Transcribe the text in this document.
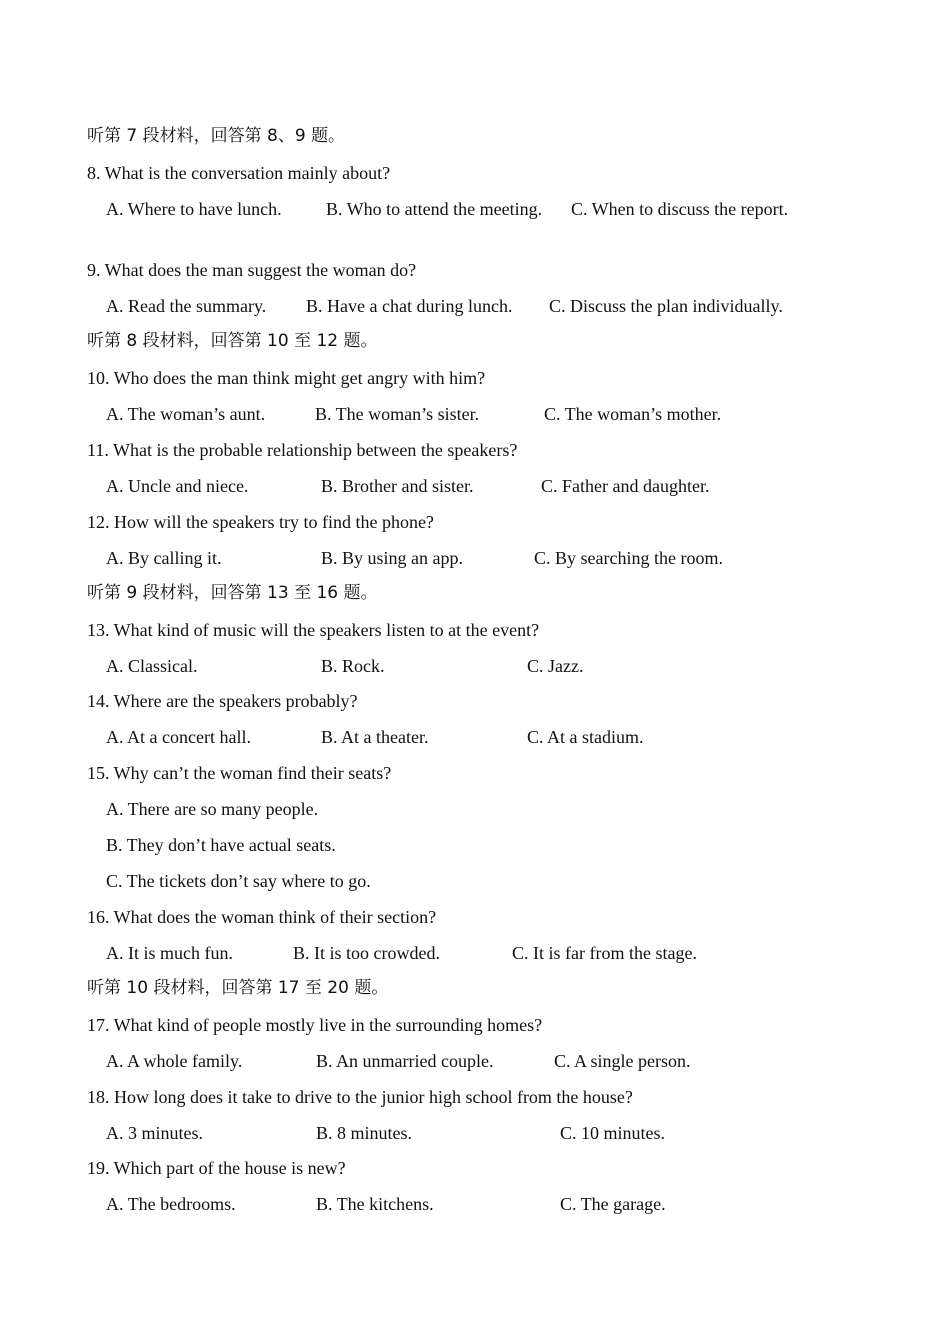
听第 7 段材料，回答第 8、9 题。
8. What is the conversation mainly about?
A. Where to have lunch. B. Who to attend the meeting. C. When to discuss the report.
9. What does the man suggest the woman do?
A. Read the summary. B. Have a chat during lunch. C. Discuss the plan individually.
听第 8 段材料，回答第 10 至 12 题。
10. Who does the man think might get angry with him?
A. The woman’s aunt.	B. The woman’s sister.	C. The woman’s mother.
11. What is the probable relationship between the speakers?
A. Uncle and niece.	B. Brother and sister.	C. Father and daughter.
12. How will the speakers try to find the phone?
A. By calling it.	B. By using an app.	C. By searching the room.
听第 9 段材料，回答第 13 至 16 题。
13. What kind of music will the speakers listen to at the event?
A. Classical.	B. Rock.	C. Jazz.
14. Where are the speakers probably?
A. At a concert hall.	B. At a theater.	C. At a stadium.
15. Why can’t the woman find their seats?
A. There are so many people.
B. They don’t have actual seats.
C. The tickets don’t say where to go.
16. What does the woman think of their section?
A. It is much fun.	B. It is too crowded.	C. It is far from the stage.
听第 10 段材料，回答第 17 至 20 题。
17. What kind of people mostly live in the surrounding homes?
A. A whole family.	B. An unmarried couple.	C. A single person.
18. How long does it take to drive to the junior high school from the house?
A. 3 minutes.	B. 8 minutes.	C. 10 minutes.
19. Which part of the house is new?
A. The bedrooms.	B. The kitchens.	C. The garage.
